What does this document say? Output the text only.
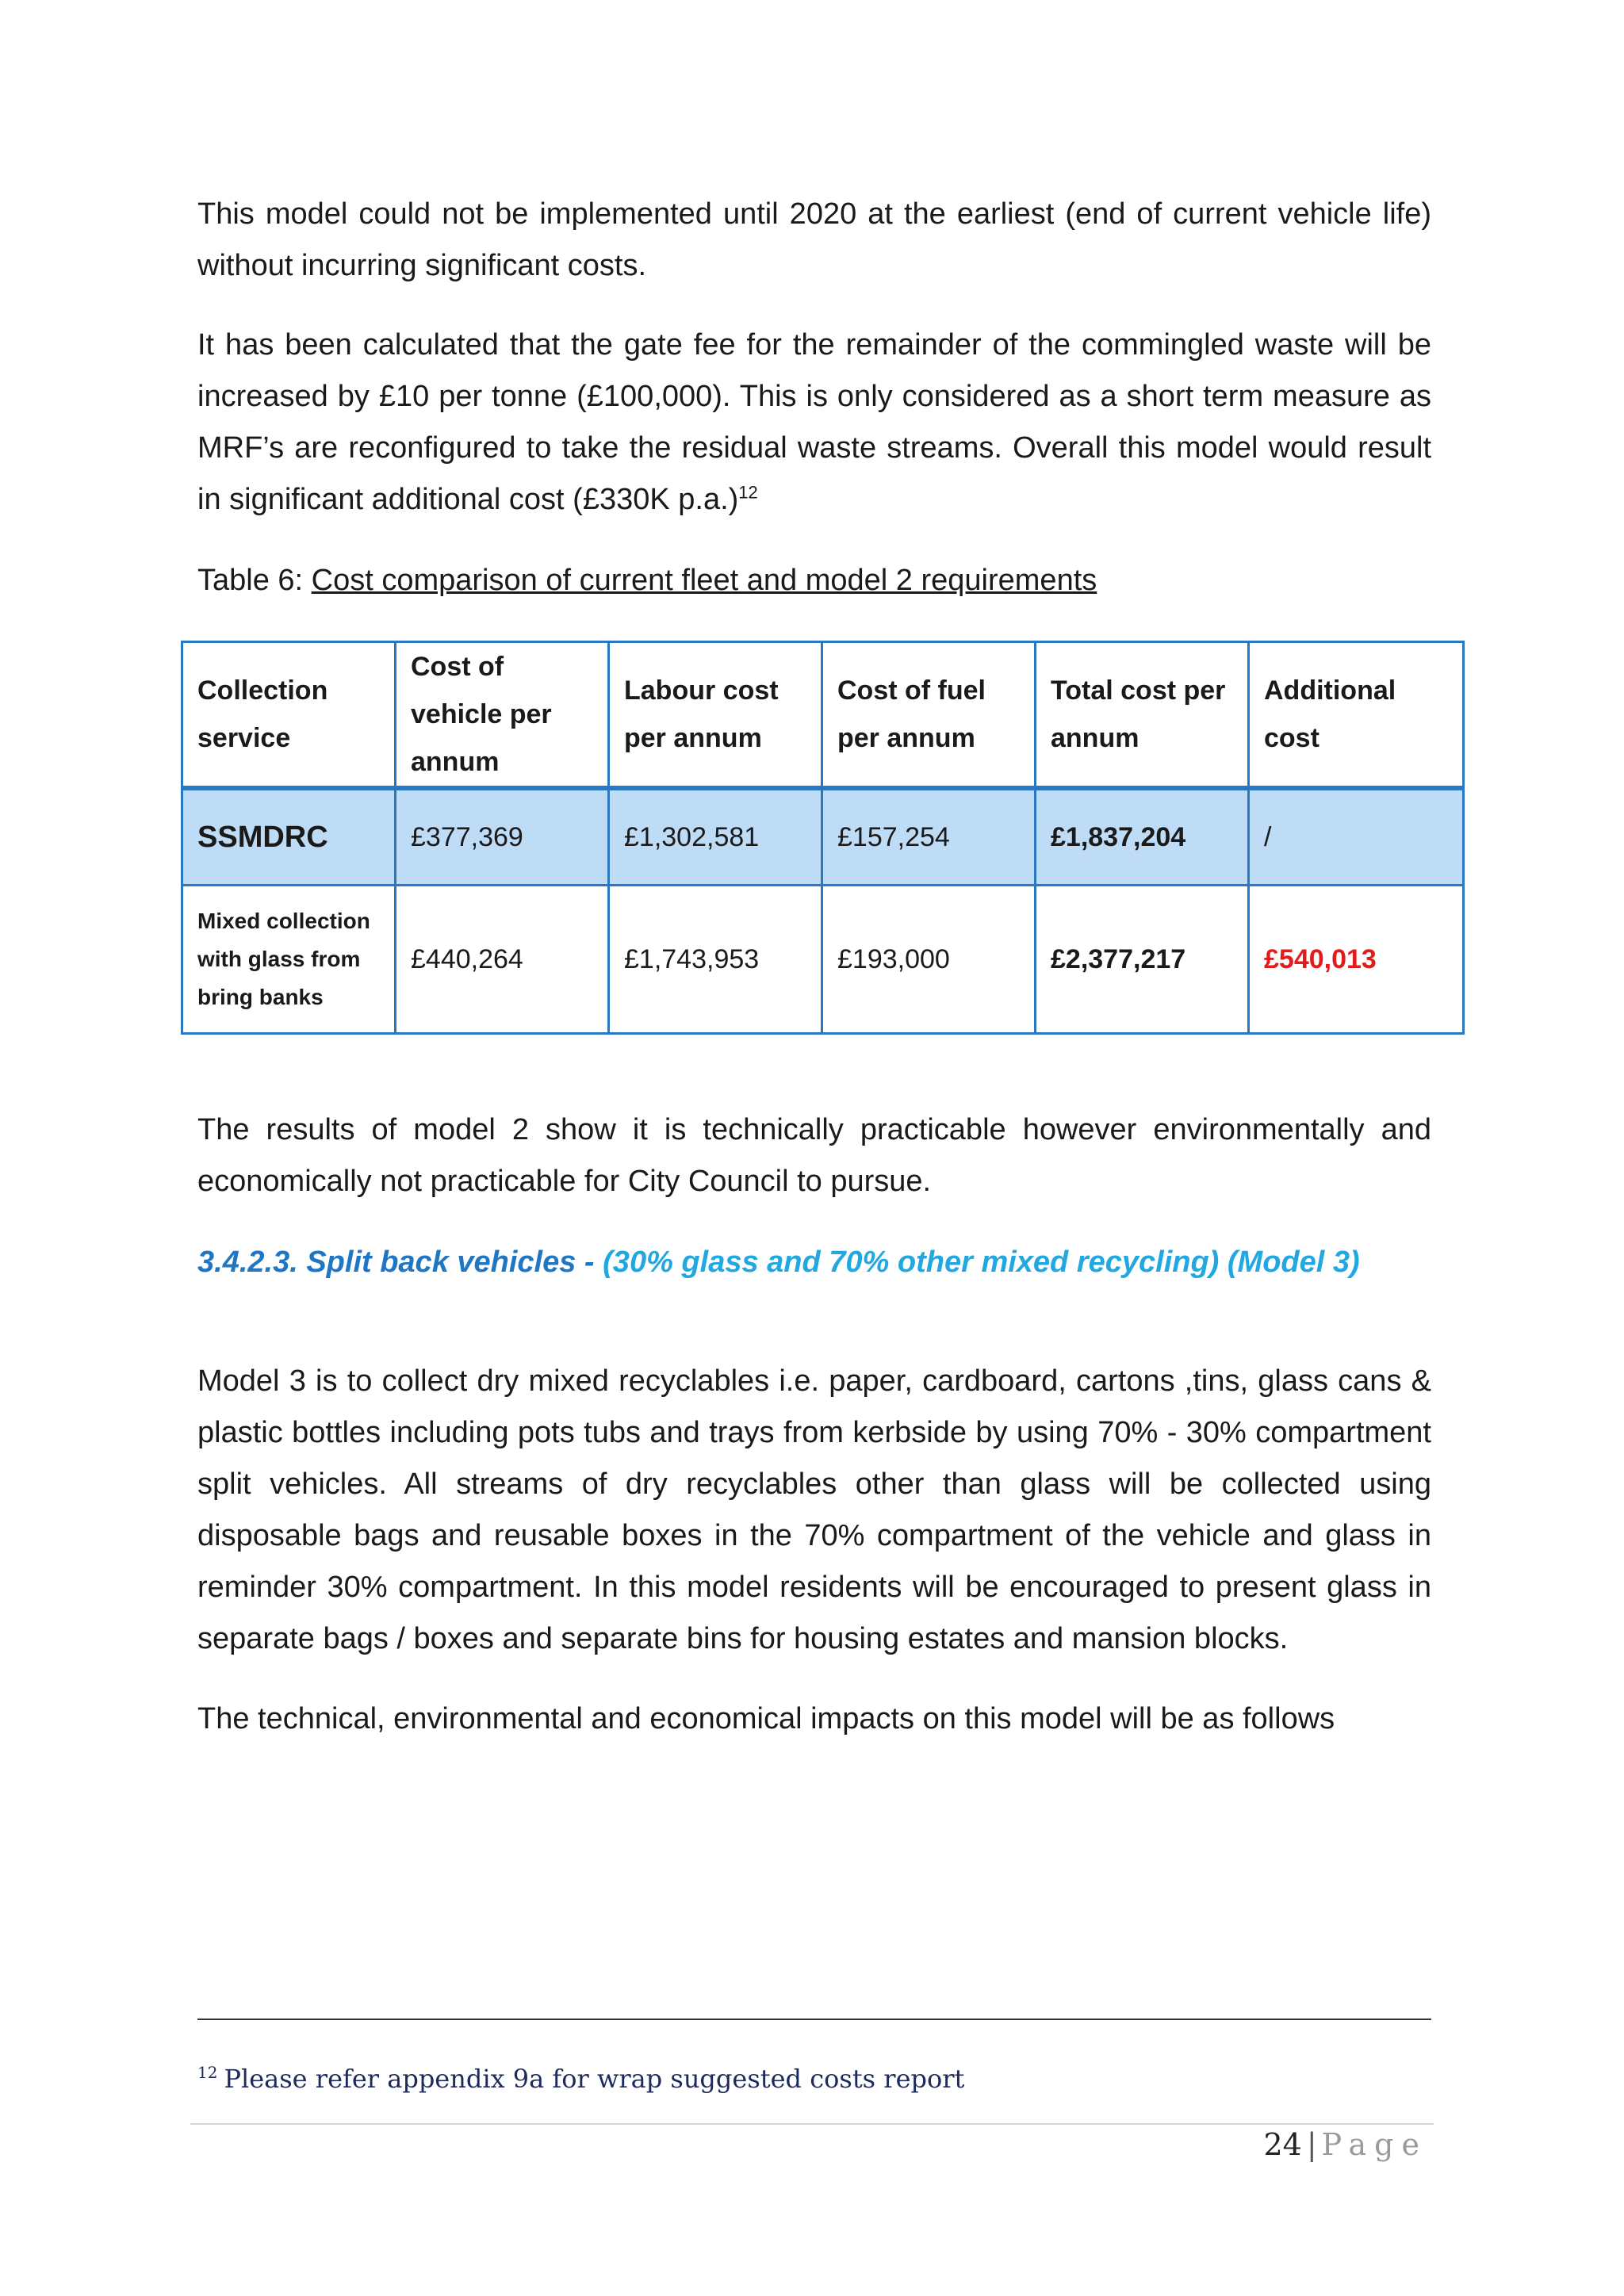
This model could not be implemented until 2020 at the earliest (end of current vehicle life) without incurring significant costs.

It has been calculated that the gate fee for the remainder of the commingled waste will be increased by £10 per tonne (£100,000). This is only considered as a short term measure as MRF’s are reconfigured to take the residual waste streams. Overall this model would result in significant additional cost (£330K p.a.)$^{12}$

Table 6: Cost comparison of current fleet and model 2 requirements
Collection service	Cost of vehicle per annum	Labour cost per annum	Cost of fuel per annum	Total cost per annum	Additional cost
SSMDRC	£377,369	£1,302,581	£157,254	£1,837,204	/
Mixed collection with glass from bring banks	£440,264	£1,743,953	£193,000	£2,377,217	£540,013

The results of model 2 show it is technically practicable however environmentally and economically not practicable for City Council to pursue.

3.4.2.3. Split back vehicles - (30% glass and 70% other mixed recycling) (Model 3)

Model 3 is to collect dry mixed recyclables i.e. paper, cardboard, cartons ,tins, glass cans & plastic bottles including pots tubs and trays from kerbside by using 70% - 30% compartment split vehicles. All streams of dry recyclables other than glass will be collected using disposable bags and reusable boxes in the 70% compartment of the vehicle and glass in reminder 30% compartment. In this model residents will be encouraged to present glass in separate bags / boxes and separate bins for housing estates and mansion blocks.

The technical, environmental and economical impacts on this model will be as follows

$^{12}$ Please refer appendix 9a for wrap suggested costs report
24 | Page
